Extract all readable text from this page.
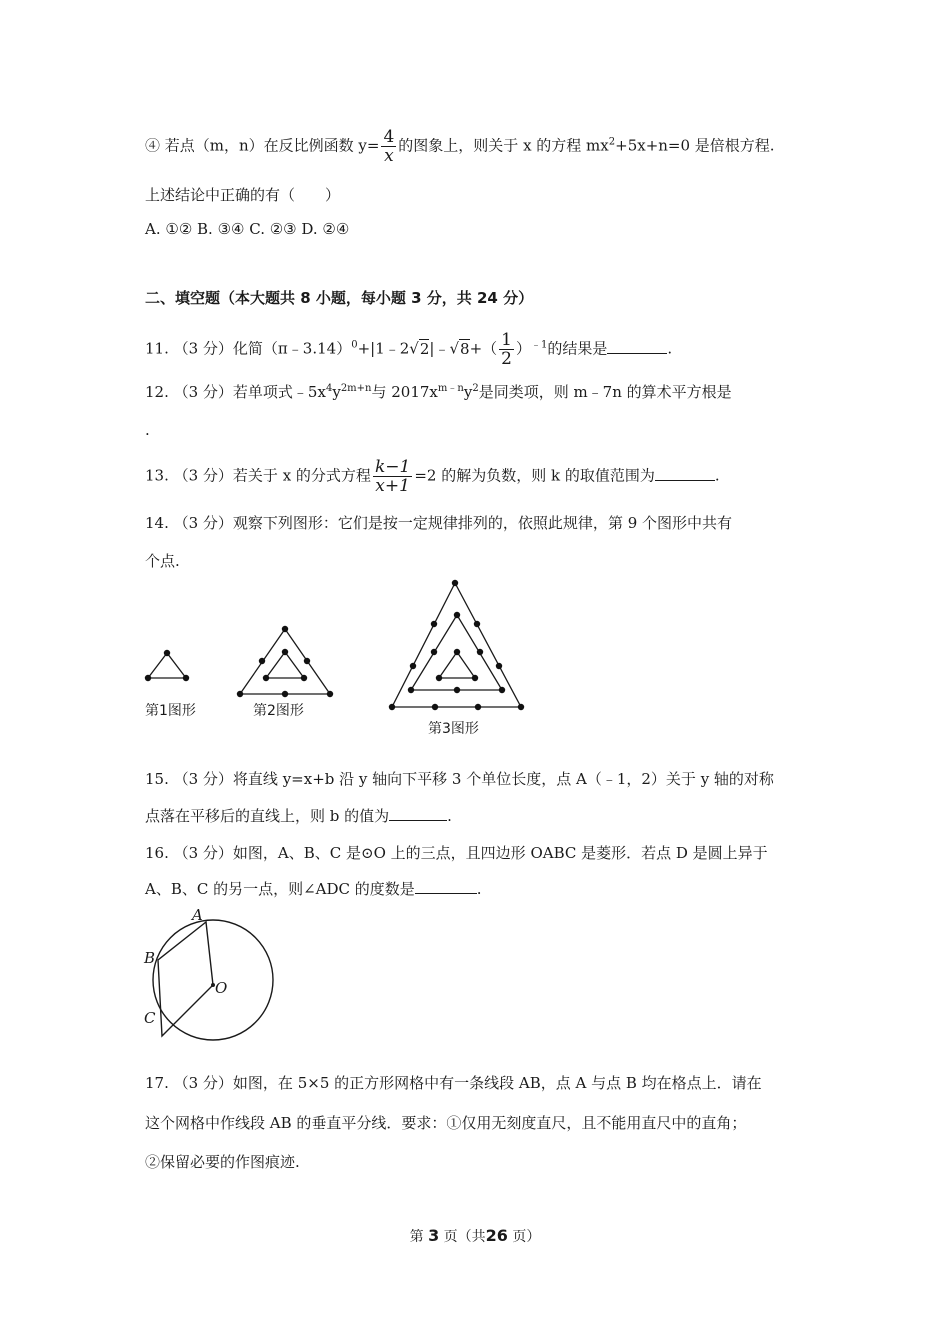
④ 若点（m，n）在反比例函数 $y= \frac{4}{x}$ 的图象上，则关于 x 的方程 $mx^2+5x+n=0$ 是倍根方程.
上述结论中正确的有（　　）
A. ①② B. ③④ C. ②③ D. ②④
二、填空题（本大题共 8 小题，每小题 3 分，共 24 分）
11. （3 分）化简（π﹣3.14）$^0$+|1﹣2√2|﹣√8+（ $\frac{1}{2} )^{﹣1}$的结果是	.
12. （3 分）若单项式$﹣5x^4y^{2m+n}$与 $2017x^{m﹣n}y^2$是同类项，则 m﹣7n 的算术平方根是
.
13. （3 分）若关于 x 的分式方程 $\frac{k-1}{x+1} =2$ 的解为负数，则 k 的取值范围为	.
14. （3 分）观察下列图形：它们是按一定规律排列的，依照此规律，第 9 个图形中共有
个点.
第1图形	第2图形
第3图形
15. （3 分）将直线 y=x+b 沿 y 轴向下平移 3 个单位长度，点 A（﹣1，2）关于 y 轴的对称
点落在平移后的直线上，则 b 的值为	.
16. （3 分）如图，A、B、C 是⊙O 上的三点，且四边形 OABC 是菱形．若点 D 是圆上异于
A、B、C 的另一点，则∠ADC 的度数是	.
A
B
C
O
17. （3 分）如图，在 5×5 的正方形网格中有一条线段 AB，点 A 与点 B 均在格点上．请在
这个网格中作线段 AB 的垂直平分线．要求：①仅用无刻度直尺，且不能用直尺中的直角；
②保留必要的作图痕迹.
第 3 页（共26 页）
